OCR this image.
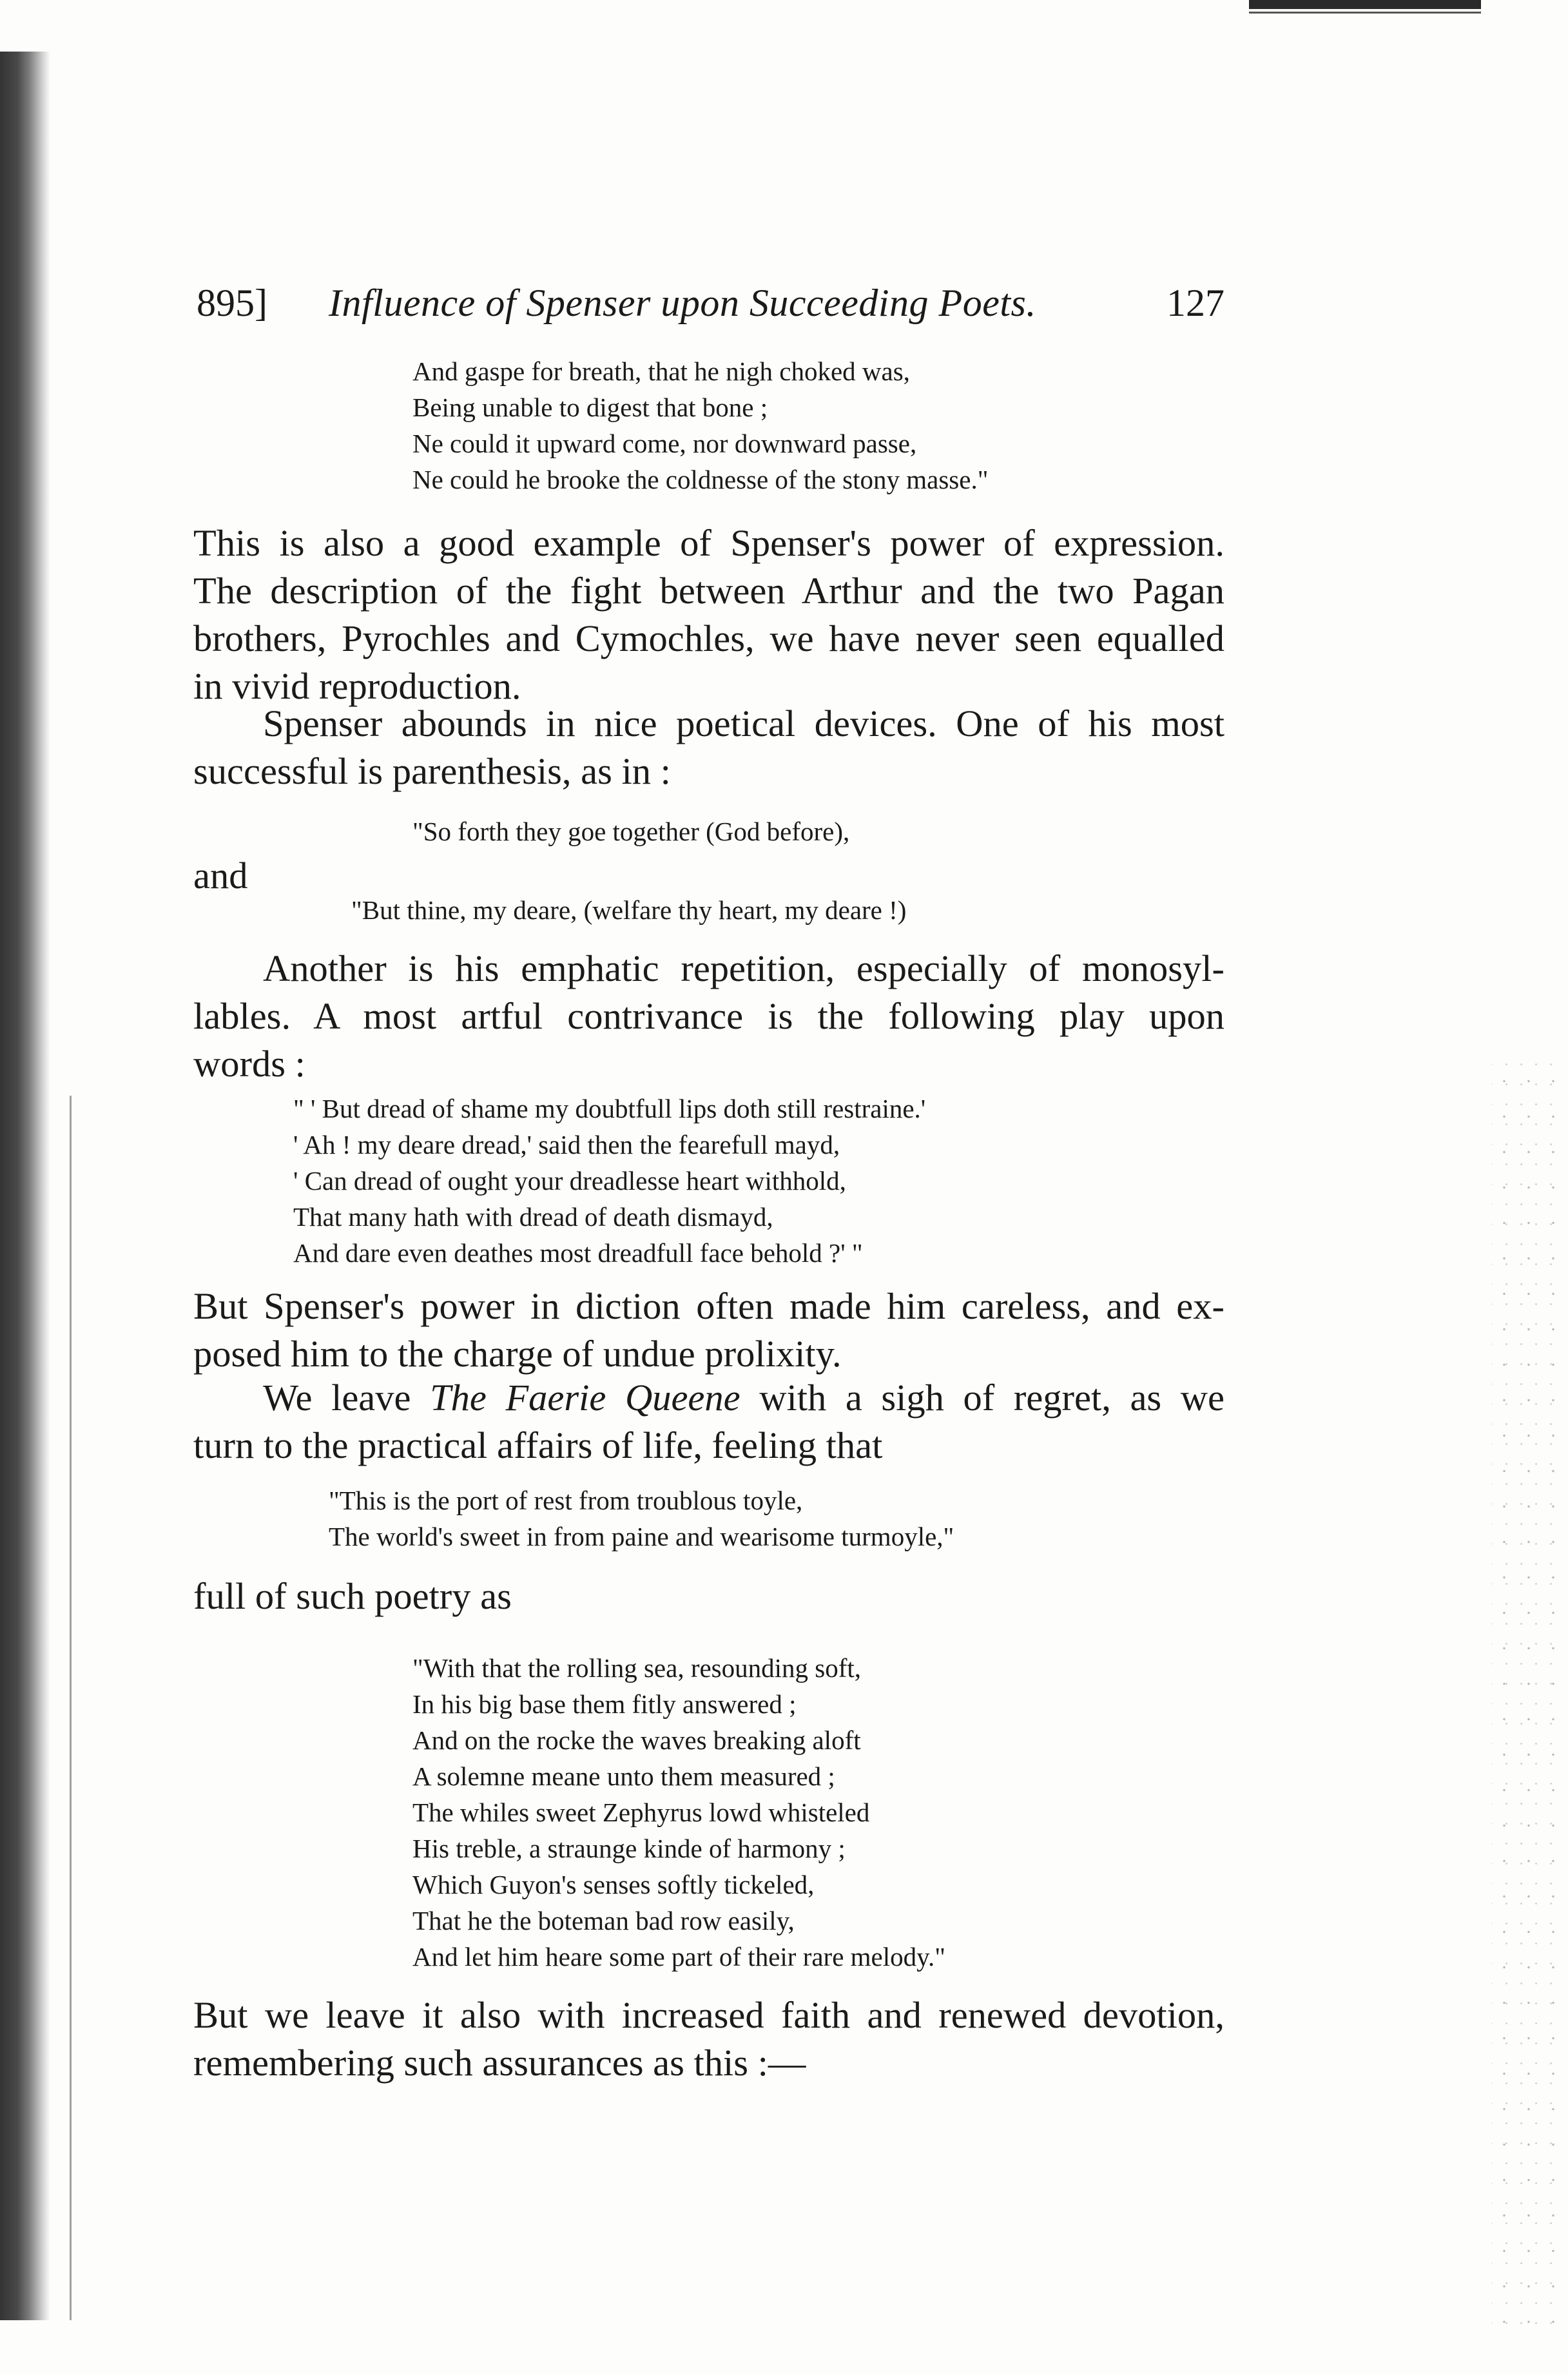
895] Influence of Spenser upon Succeeding Poets.	127
And gaspe for breath, that he nigh choked was,
Being unable to digest that bone ;
Ne could it upward come, nor downward passe,
Ne could he brooke the coldnesse of the stony masse."
This is also a good example of Spenser's power of expression.
The description of the fight between Arthur and the two Pagan
brothers, Pyrochles and Cymochles, we have never seen equalled
in vivid reproduction.
Spenser abounds in nice poetical devices. One of his most
successful is parenthesis, as in :
"So forth they goe together (God before),
and
"But thine, my deare, (welfare thy heart, my deare !)
Another is his emphatic repetition, especially of monosyl-
lables. A most artful contrivance is the following play upon
words :
" ' But dread of shame my doubtfull lips doth still restraine.'
' Ah ! my deare dread,' said then the fearefull mayd,
' Can dread of ought your dreadlesse heart withhold,
That many hath with dread of death dismayd,
And dare even deathes most dreadfull face behold ?' "
But Spenser's power in diction often made him careless, and ex-
posed him to the charge of undue prolixity.
We leave The Faerie Queene with a sigh of regret, as we
turn to the practical affairs of life, feeling that
"This is the port of rest from troublous toyle,
The world's sweet in from paine and wearisome turmoyle,"
full of such poetry as
"With that the rolling sea, resounding soft,
In his big base them fitly answered ;
And on the rocke the waves breaking aloft
A solemne meane unto them measured ;
The whiles sweet Zephyrus lowd whisteled
His treble, a straunge kinde of harmony ;
Which Guyon's senses softly tickeled,
That he the boteman bad row easily,
And let him heare some part of their rare melody."
But we leave it also with increased faith and renewed devotion,
remembering such assurances as this :—
